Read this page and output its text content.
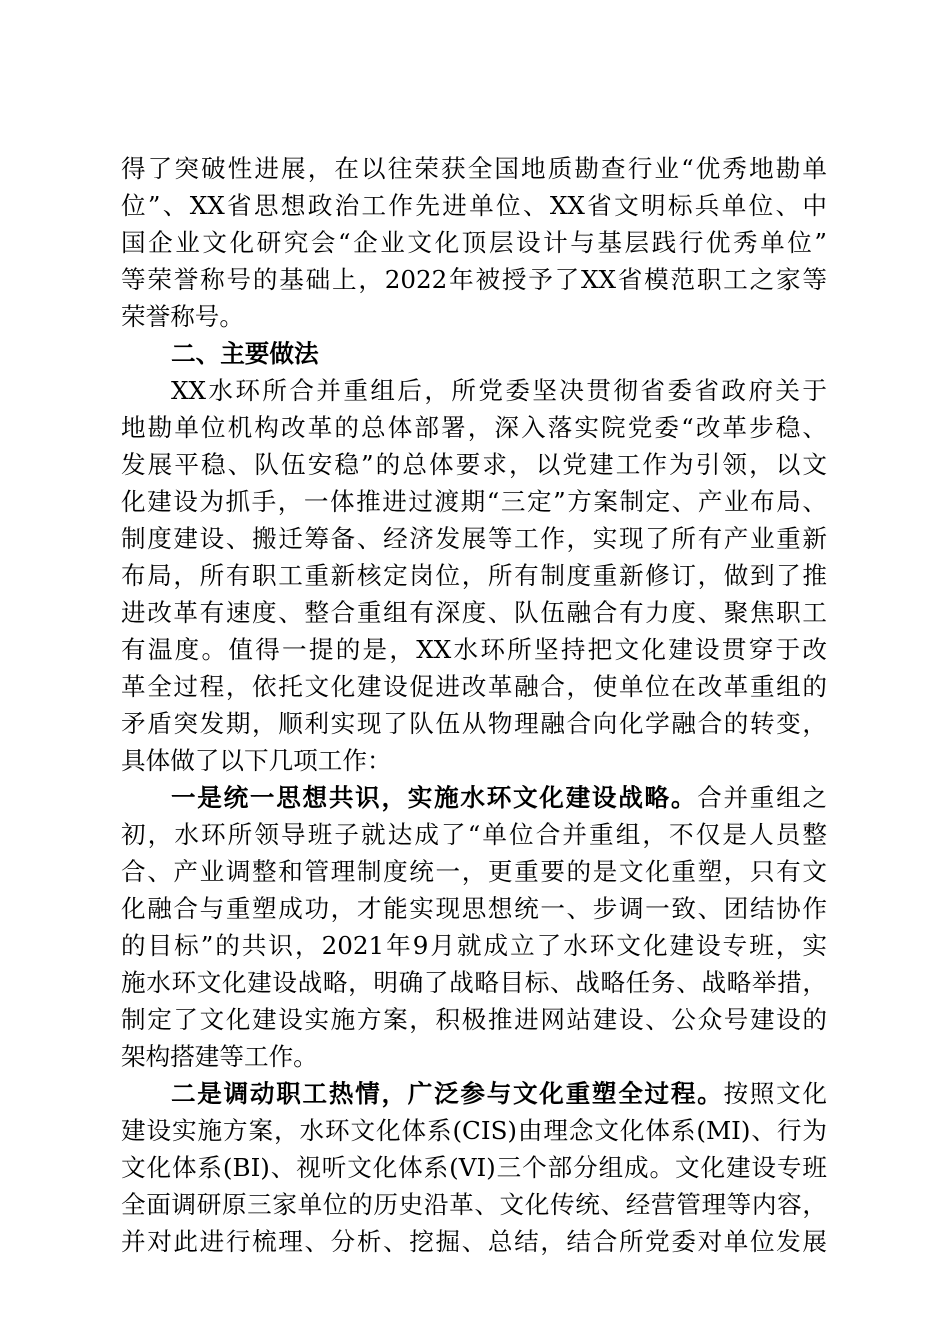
得了突破性进展，在以往荣获全国地质勘查行业“优秀地勘单
位”、XX省思想政治工作先进单位、XX省文明标兵单位、中
国企业文化研究会“企业文化顶层设计与基层践行优秀单位”
等荣誉称号的基础上，2022年被授予了XX省模范职工之家等
荣誉称号。
二、主要做法
XX水环所合并重组后，所党委坚决贯彻省委省政府关于
地勘单位机构改革的总体部署，深入落实院党委“改革步稳、
发展平稳、队伍安稳”的总体要求，以党建工作为引领，以文
化建设为抓手，一体推进过渡期“三定”方案制定、产业布局、
制度建设、搬迁筹备、经济发展等工作，实现了所有产业重新
布局，所有职工重新核定岗位，所有制度重新修订，做到了推
进改革有速度、整合重组有深度、队伍融合有力度、聚焦职工
有温度。值得一提的是，XX水环所坚持把文化建设贯穿于改
革全过程，依托文化建设促进改革融合，使单位在改革重组的
矛盾突发期，顺利实现了队伍从物理融合向化学融合的转变，
具体做了以下几项工作：
一是统一思想共识，实施水环文化建设战略。合并重组之
初，水环所领导班子就达成了“单位合并重组，不仅是人员整
合、产业调整和管理制度统一，更重要的是文化重塑，只有文
化融合与重塑成功，才能实现思想统一、步调一致、团结协作
的目标”的共识，2021年9月就成立了水环文化建设专班，实
施水环文化建设战略，明确了战略目标、战略任务、战略举措，
制定了文化建设实施方案，积极推进网站建设、公众号建设的
架构搭建等工作。
二是调动职工热情，广泛参与文化重塑全过程。按照文化
建设实施方案，水环文化体系(CIS)由理念文化体系(MI)、行为
文化体系(BI)、视听文化体系(VI)三个部分组成。文化建设专班
全面调研原三家单位的历史沿革、文化传统、经营管理等内容，
并对此进行梳理、分析、挖掘、总结，结合所党委对单位发展
